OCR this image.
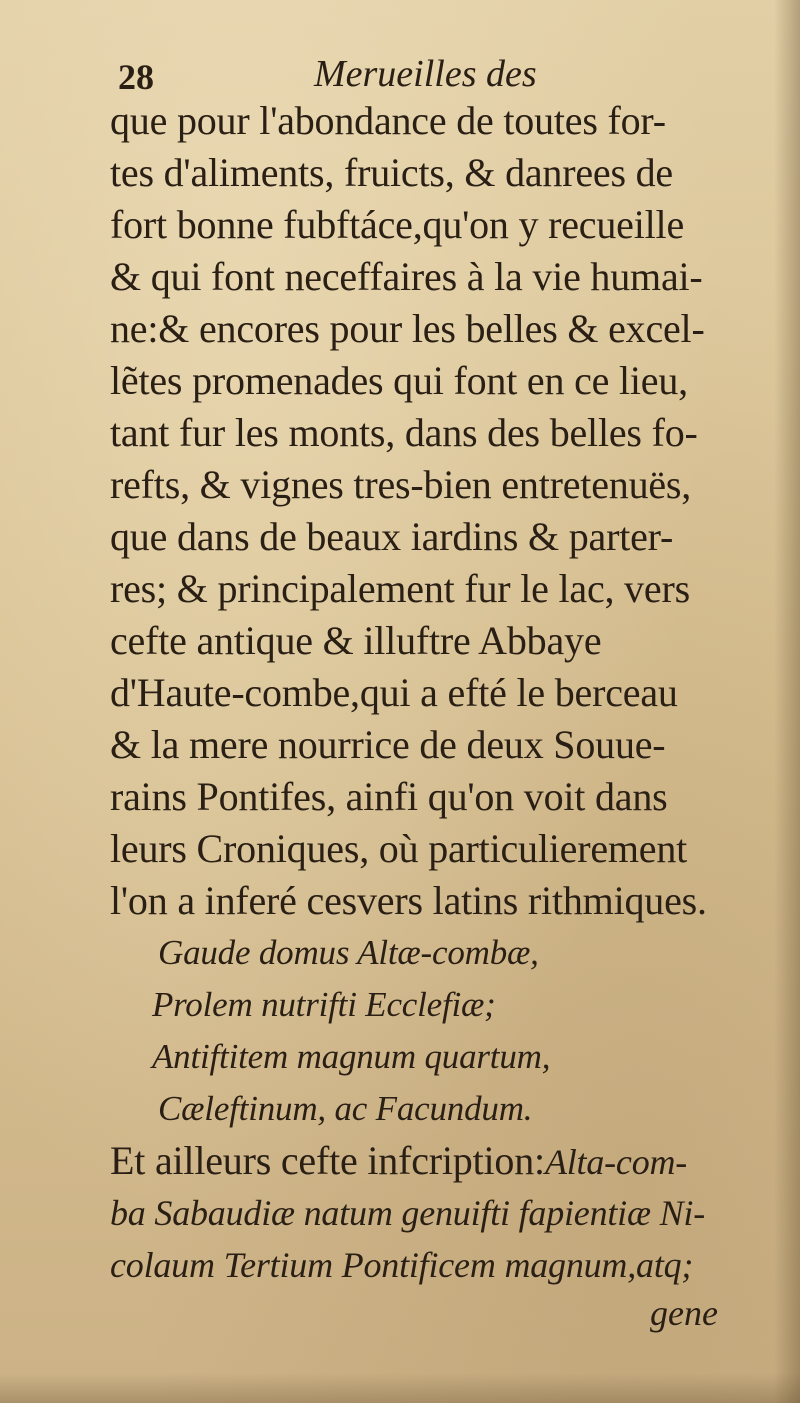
28	Merueilles des
que pour l'abondance de toutes for-
tes d'aliments, fruicts, & danrees de
fort bonne fubftáce,qu'on y recueille
& qui font neceffaires à la vie humai-
ne:& encores pour les belles & excel-
lẽtes promenades qui font en ce lieu,
tant fur les monts, dans des belles fo-
refts, & vignes tres-bien entretenuës,
que dans de beaux iardins & parter-
res; & principalement fur le lac, vers
cefte antique & illuftre Abbaye
d'Haute-combe,qui a efté le berceau
& la mere nourrice de deux Souue-
rains Pontifes, ainfi qu'on voit dans
leurs Croniques, où particulierement
l'on a inferé cesvers latins rithmiques.
Gaude domus Altæ-combæ,
Prolem nutrifti Ecclefiæ;
Antiftitem magnum quartum,
Cæleftinum, ac Facundum.
Et ailleurs cefte infcription:Alta-com-
ba Sabaudiæ natum genuifti fapientiæ Ni-
colaum Tertium Pontificem magnum,atq;
gene
